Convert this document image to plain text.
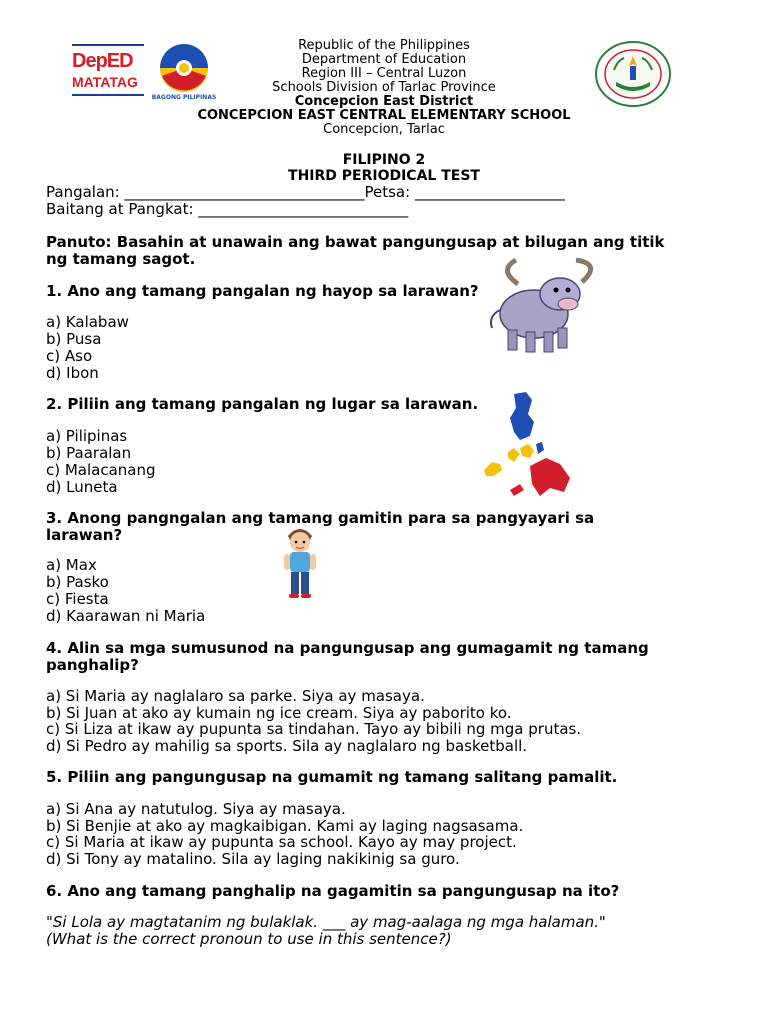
DepED
MATATAG
BAGONG PILIPINAS
Republic of the Philippines
Department of Education
Region III – Central Luzon
Schools Division of Tarlac Province
Concepcion East District
CONCEPCION EAST CENTRAL ELEMENTARY SCHOOL
Concepcion, Tarlac
FILIPINO 2
THIRD PERIODICAL TEST
Pangalan: ________________________________Petsa: ____________________
Baitang at Pangkat: ____________________________
Panuto: Basahin at unawain ang bawat pangungusap at bilugan ang titik
ng tamang sagot.
1. Ano ang tamang pangalan ng hayop sa larawan?
a) Kalabaw
b) Pusa
c) Aso
d) Ibon
2. Piliin ang tamang pangalan ng lugar sa larawan.
a) Pilipinas
b) Paaralan
c) Malacanang
d) Luneta
3. Anong pangngalan ang tamang gamitin para sa pangyayari sa
larawan?
a) Max
b) Pasko
c) Fiesta
d) Kaarawan ni Maria
4. Alin sa mga sumusunod na pangungusap ang gumagamit ng tamang
panghalip?
a) Si Maria ay naglalaro sa parke. Siya ay masaya.
b) Si Juan at ako ay kumain ng ice cream. Siya ay paborito ko.
c) Si Liza at ikaw ay pupunta sa tindahan. Tayo ay bibili ng mga prutas.
d) Si Pedro ay mahilig sa sports. Sila ay naglalaro ng basketball.
5. Piliin ang pangungusap na gumamit ng tamang salitang pamalit.
a) Si Ana ay natutulog. Siya ay masaya.
b) Si Benjie at ako ay magkaibigan. Kami ay laging nagsasama.
c) Si Maria at ikaw ay pupunta sa school. Kayo ay may project.
d) Si Tony ay matalino. Sila ay laging nakikinig sa guro.
6. Ano ang tamang panghalip na gagamitin sa pangungusap na ito?
"Si Lola ay magtatanim ng bulaklak. ___ ay mag-aalaga ng mga halaman."
(What is the correct pronoun to use in this sentence?)
